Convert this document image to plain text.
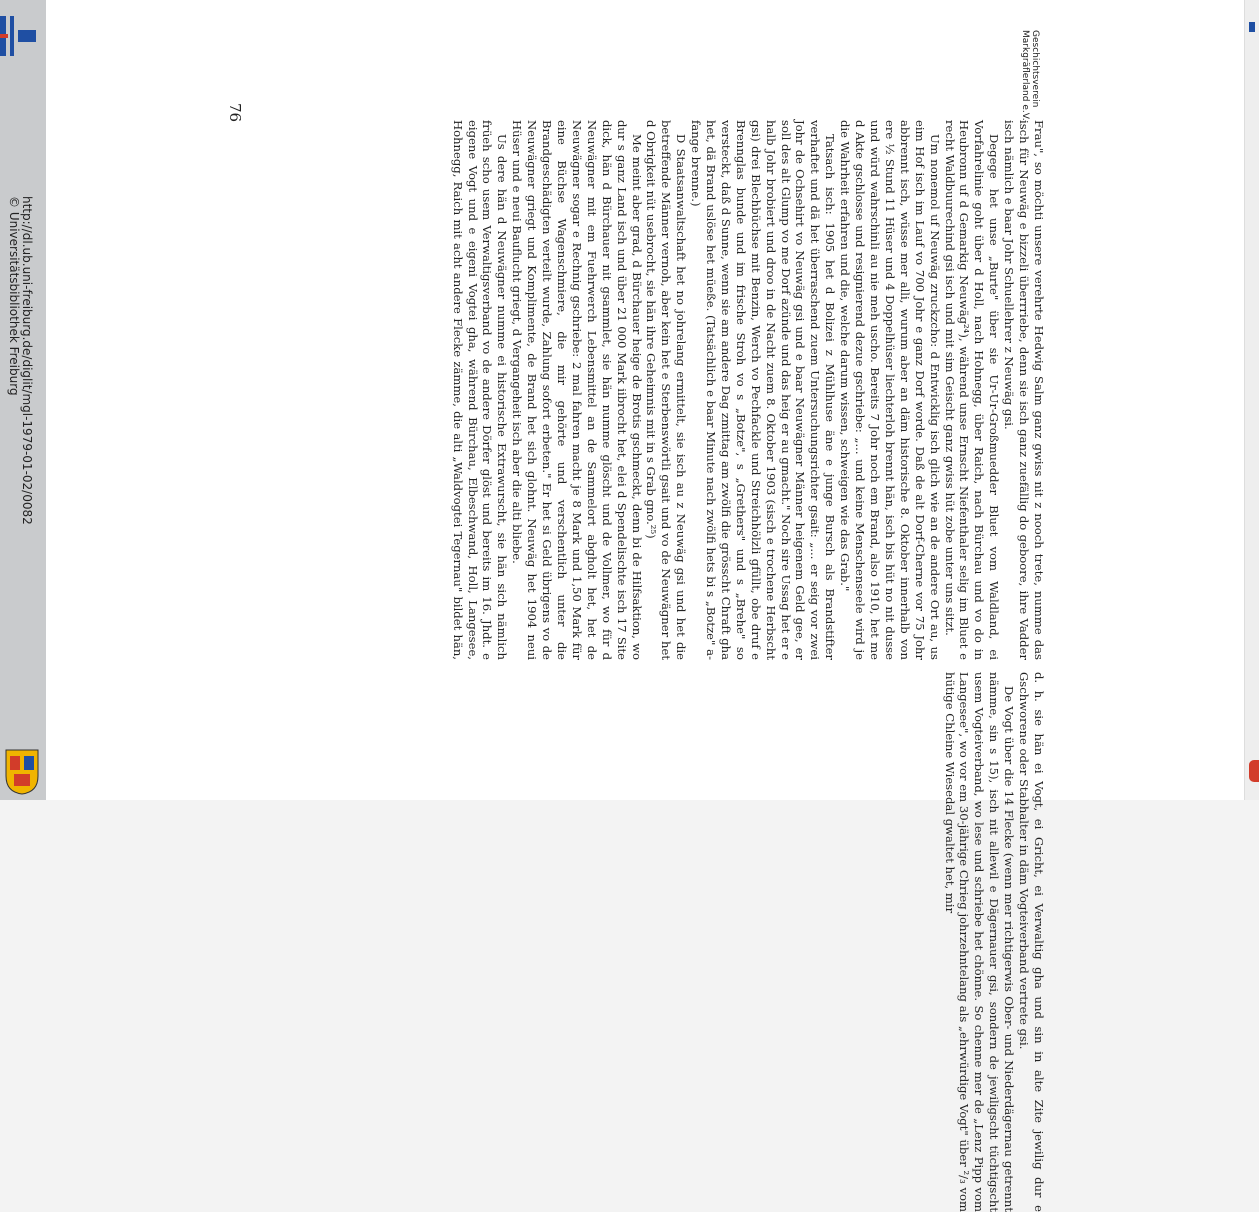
http://dl.ub.uni-freiburg.de/diglit/mgl-1979-01-02/0082
© Universitätsbibliothek Freiburg
76

Frau", so möchti unsere verehrte Hedwig Salm ganz gwiss nit z nooch trete, numme das isch für Neuwäg e bizzeli überrriebe, denn sie isch ganz zuefällig do geboore, ihre Vadder isch nämlich e baar Johr Schuellehrer z Neuwäg gsi.

Degege het unse „Burte" über sie Ur-Ur-Großmuedder Bluet vom Waldland, ei Vorfahrelinie goht über d Holl, nach Hohnegg, über Raich, nach Bürchau und vo do in Heubronn uf d Gemarkig Neuwäg²⁴), während unse Ernscht Niefenthaler selig im Bluet e recht Waldbuurechind gsi isch und mit sim Geischt ganz gwiss hüt zobe unter uns sitzt.

Um nonemol uf Neuwäg zruckzcho: d Entwicklig isch glich wie an de andere Ort au, us eim Hof isch im Lauf vo 700 Johr e ganz Dorf worde. Daß de alt Dorf-Cherne vor 75 Johr abbrennt isch, wüsse mer alli, wurum aber an däm historische 8. Oktober innerhalb von ere ½ Stund 11 Hüser und 4 Doppelhüser liechterloh brennt hän, isch bis hüt no nit dusse und würd wahrschinli au nie meh uscho. Bereits 7 Johr noch em Brand, also 1910, het me d Akte gschlosse und resignierend dezue gschriebe: „... und keine Menschenseele wird je die Wahrheit erfahren und die, welche darum wissen, schweigen wie das Grab."

Tatsach isch: 1905 het d Bolizei z Mühlhuse äne e junge Bursch als Brandstifter verhaftet und dä het überraschend zuem Untersuchungsrichter gsait: „... er seig vor zwei Johr de Ochsehirt vo Neuwäg gsi und e baar Neuwägner Männer heigenem Geld gee, er soll des alt Glump vo me Dorf azünde und das heig er au gmacht." Noch sire Ussag het er e halb Johr brobiert und droo in de Nacht zuem 8. Oktober 1903 (sisch e trochene Herbscht gsi) drei Blechbüchse mit Benzin, Werch vo Pechfackle und Streichhölzli gfüllt, obe druf e Brennglas bunde und im frische Stroh vo s „Botze", s „Grethers" und s „Brehe" so versteckt, daß d Sunne, wenn sie am andere Dag zmittag am zwölfi die grösscht Chraft gha het, dä Brand uslöse het müeße. (Tatsächlich e baar Minute nach zwölfi hets bi s „Botze" a-fange brenne.)

D Staatsanwaltschaft het no johrelang ermittelt, sie isch au z Neuwäg gsi und het die betreffende Männer vernoh, aber kein het e Sterbenswörtli gsait und vo de Neuwägner het d Obrigkeit nüt usebrocht, sie hän ihre Geheimnis mit in s Grab gno.²⁵)

Me meint aber grad, d Bürchauer heige de Brotis gschmeckt, denn bi de Hilfsaktion, wo dur s ganz Land isch und über 21 000 Mark iibrocht het, elei d Spendelischte isch 17 Site dick, hän d Bürchauer nit gsammlet, sie hän numme glöscht und de Vollmer, wo für d Neuwägner mit em Fuehrwerch Lebensmittel an de Sammelort abgholt het, het de Neuwägner sogar e Rechnig gschriebe: 2 mal fahren macht je 8 Mark und 1,50 Mark für eine Büchse Wagenschmiere, die mir gehörte und verschentlich unter die Brandgeschädigten verteilt wurde, Zahlung sofort erbeten." Er het si Geld übrigens vo de Neuwägner griegt und Komplimente, de Brand het sich glohnt. Neuwäg het 1904 neui Hüser und e neui Bauflucht griegt, d Vergangeheit isch aber die alti bliebe.

Us dere hän d Neuwägner numme ei historische Extrawurscht, sie hän sich nämlich früeh scho usem Verwaltigsverband vo de andere Dörfer glöst und bereits im 16. Jhdt. e eigene Vogt und e eigeni Vogtei gha, während Bürchau, Elbeschwand, Holl, Langesee, Hohnegg, Raich mit acht andere Flecke zämme, die alti „Waldvogtei Tegernau" bildet hän, d. h. sie hän ei Vogt, ei Gricht, ei Verwaltig gha und sin in alte Zite jewilig dur e Gschworene oder Stabhalter in däm Vogteiverband vertrete gsi.

De Vogt über die 14 Flecke (wenn mer richtigerwis Ober- und Niederdägernau getrennt nämme, sin s 15), isch nit allewil e Dägernauer gsi, sondern de jewiligscht tüchtigscht usem Vogteiverband, wo lese und schriebe het chönne. So chenne mer de „Lenz Pipp vom Langesee", wo vor em 30-jährige Chrieg johrzehntelang als „ehrwürdige Vogt" über ²/₃ vom hütige Chleine Wiesedal gwaltet het, mir

Geschichtsverein Markgräflerland e.V.
